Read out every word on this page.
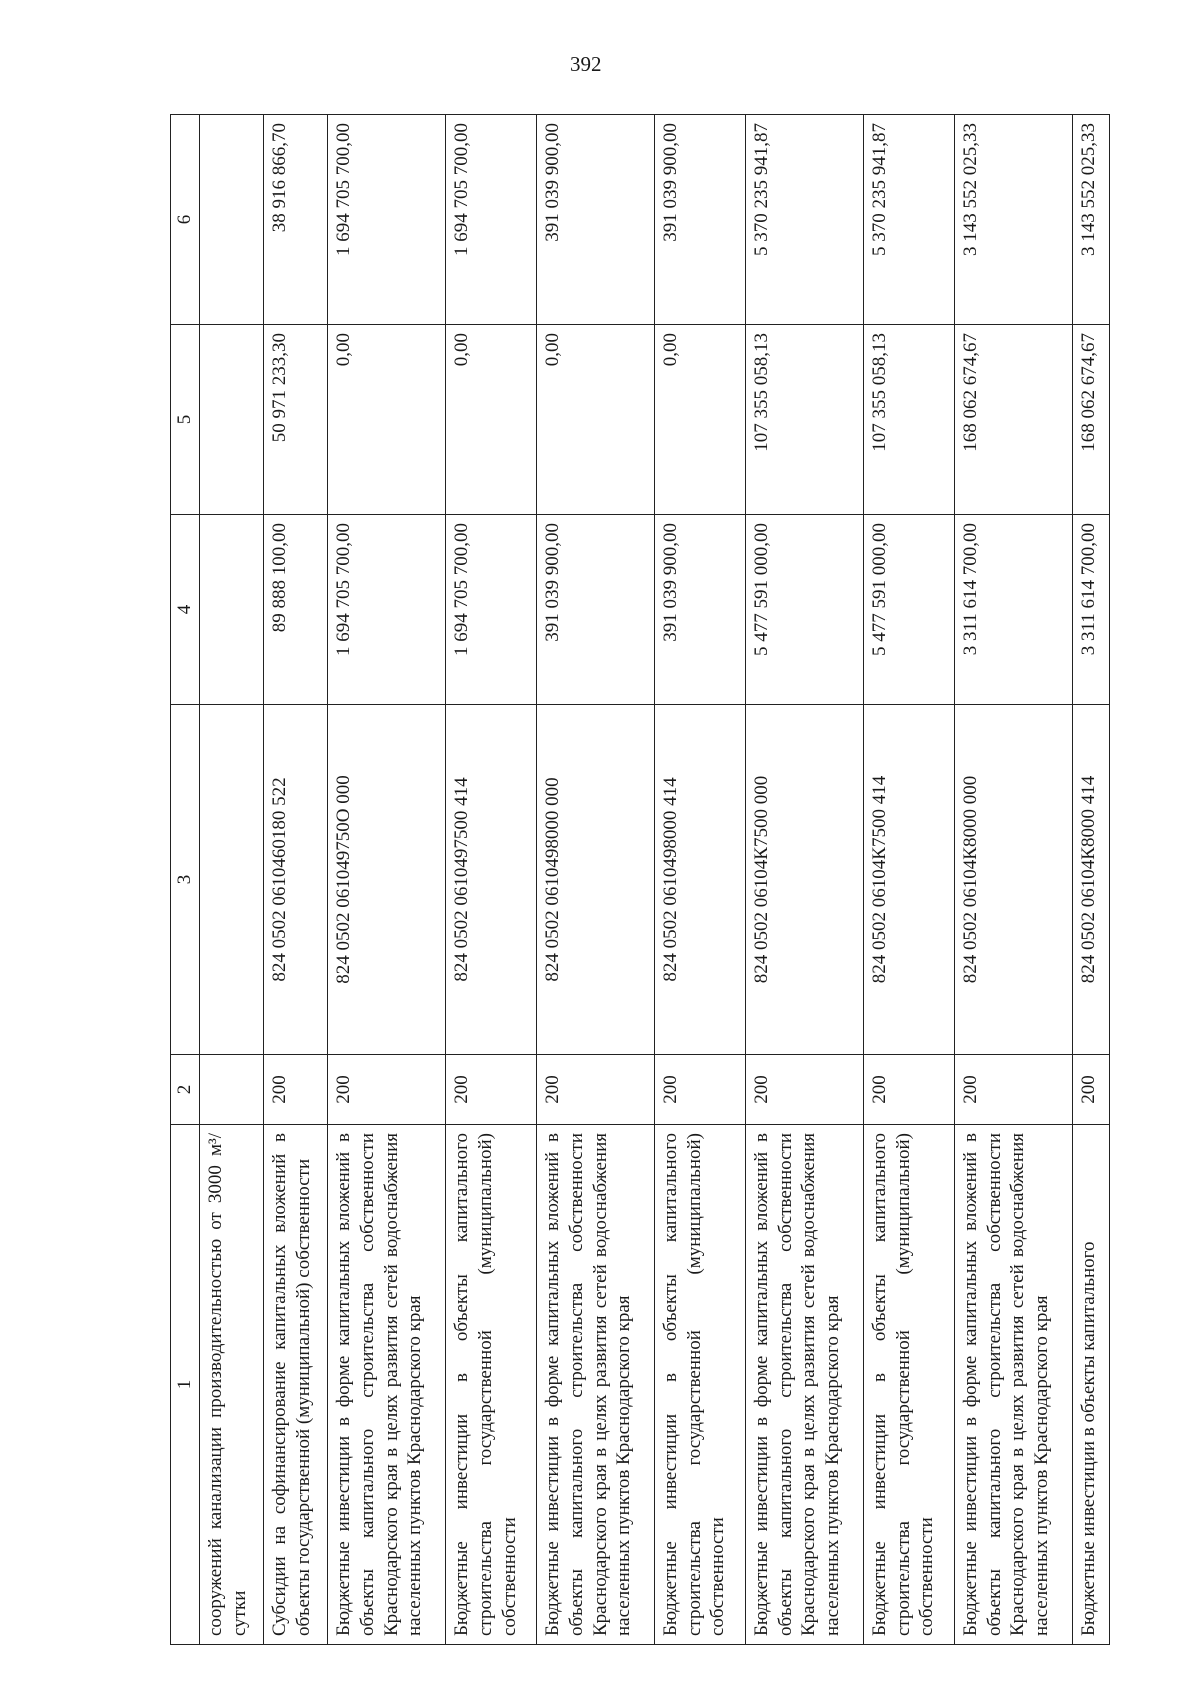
392
1	2	3	4	5	6
сооружений канализации производительностью от 3000 м³/сутки					
Субсидии на софинансирование капитальных вложений в объекты государственной (муниципальной) собственности	200	824 0502 0610460180 522	89 888 100,00	50 971 233,30	38 916 866,70
Бюджетные инвестиции в форме капитальных вложений в объекты капитального строительства собственности Краснодарского края в целях развития сетей водоснабжения населенных пунктов Краснодарского края	200	824 0502 061049750О 000	1 694 705 700,00	0,00	1 694 705 700,00
Бюджетные инвестиции в объекты капитального строительства государственной (муниципальной) собственности	200	824 0502 0610497500 414	1 694 705 700,00	0,00	1 694 705 700,00
Бюджетные инвестиции в форме капитальных вложений в объекты капитального строительства собственности Краснодарского края в целях развития сетей водоснабжения населенных пунктов Краснодарского края	200	824 0502 0610498000 000	391 039 900,00	0,00	391 039 900,00
Бюджетные инвестиции в объекты капитального строительства государственной (муниципальной) собственности	200	824 0502 0610498000 414	391 039 900,00	0,00	391 039 900,00
Бюджетные инвестиции в форме капитальных вложений в объекты капитального строительства собственности Краснодарского края в целях развития сетей водоснабжения населенных пунктов Краснодарского края	200	824 0502 06104К7500 000	5 477 591 000,00	107 355 058,13	5 370 235 941,87
Бюджетные инвестиции в объекты капитального строительства государственной (муниципальной) собственности	200	824 0502 06104К7500 414	5 477 591 000,00	107 355 058,13	5 370 235 941,87
Бюджетные инвестиции в форме капитальных вложений в объекты капитального строительства собственности Краснодарского края в целях развития сетей водоснабжения населенных пунктов Краснодарского края	200	824 0502 06104К8000 000	3 311 614 700,00	168 062 674,67	3 143 552 025,33
Бюджетные инвестиции в объекты капитального	200	824 0502 06104К8000 414	3 311 614 700,00	168 062 674,67	3 143 552 025,33
